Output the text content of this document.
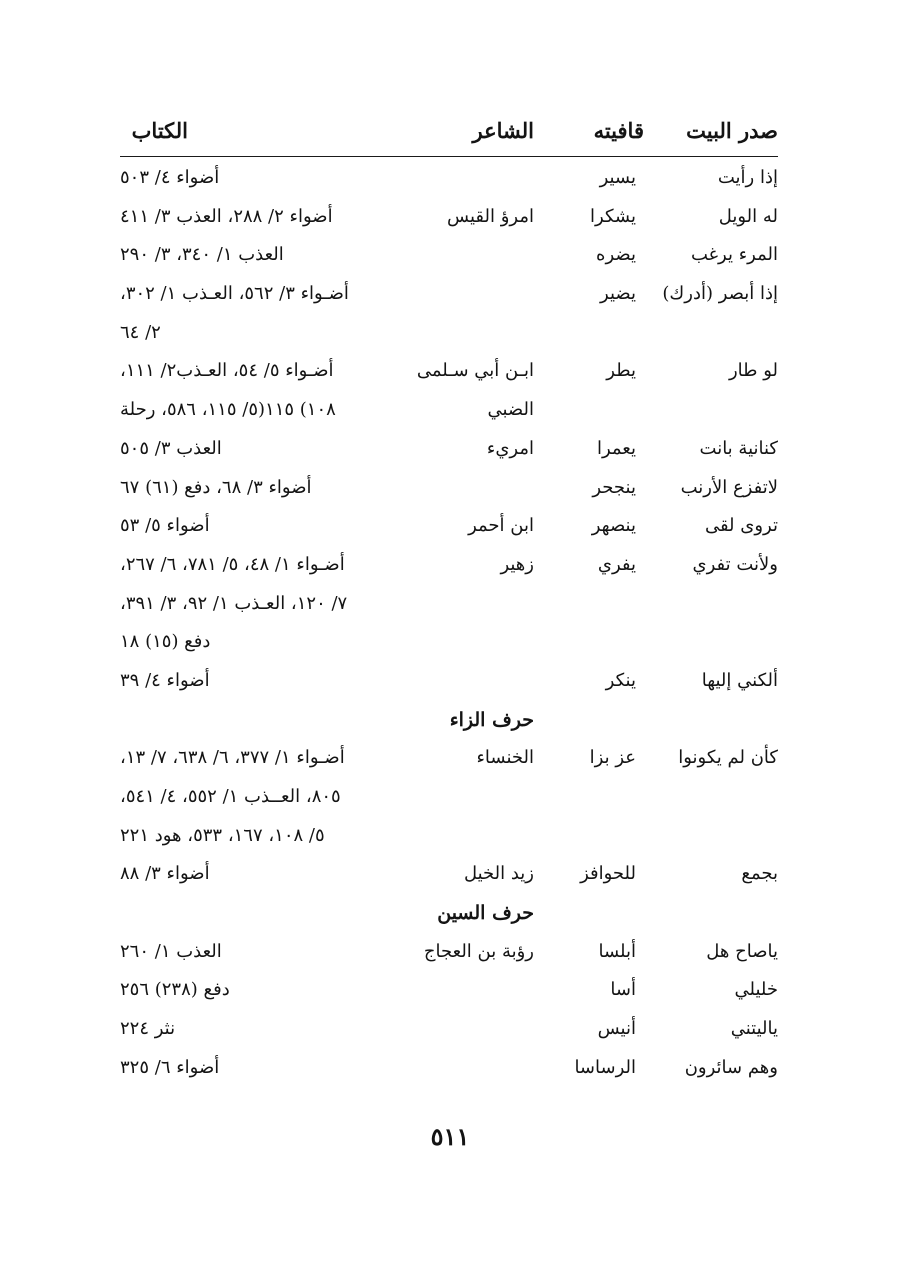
صدر البيت
قافيته
الشاعر
الكتاب
إذا رأيت
يسير
أضواء ٤/ ٥٠٣
له الويل
يشكرا
امرؤ القيس
أضواء ٢/ ٢٨٨، العذب ٣/ ٤١١
المرء يرغب
يضره
العذب ١/ ٣٤٠، ٣/ ٢٩٠
إذا أبصر (أدرك)
يضير
أضـواء ٣/ ٥٦٢، العـذب ١/ ٣٠٢،
٢/ ٦٤
لو طار
يطر
ابـن أبي سـلمى
أضـواء ٥/ ٥٤، العـذب٢/ ١١١،
الضبي
١٠٨) ١١٥(٥/ ١١٥، ٥٨٦، رحلة
كنانية بانت
يعمرا
امريء
العذب ٣/ ٥٠٥
لاتفزع الأرنب
ينجحر
أضواء ٣/ ٦٨، دفع (٦١) ٦٧
تروى لقى
ينصهر
ابن أحمر
أضواء ٥/ ٥٣
ولأنت تفري
يفري
زهير
أضـواء ١/ ٤٨، ٥/ ٧٨١، ٦/ ٢٦٧،
٧/ ١٢٠، العـذب ١/ ٩٢، ٣/ ٣٩١،
دفع (١٥) ١٨
ألكني إليها
ينكر
أضواء ٤/ ٣٩
حرف الزاء
كأن لم يكونوا
عز بزا
الخنساء
أضـواء ١/ ٣٧٧، ٦/ ٦٣٨، ٧/ ١٣،
٨٠٥، العــذب ١/ ٥٥٢، ٤/ ٥٤١،
٥/ ١٠٨، ١٦٧، ٥٣٣، هود ٢٢١
بجمع
للحوافز
زيد الخيل
أضواء ٣/ ٨٨
حرف السين
ياصاح هل
أبلسا
رؤبة بن العجاج
العذب ١/ ٢٦٠
خليلي
أسا
دفع (٢٣٨) ٢٥٦
ياليتني
أنيس
نثر ٢٢٤
وهم سائرون
الرساسا
أضواء ٦/ ٣٢٥
٥١١
